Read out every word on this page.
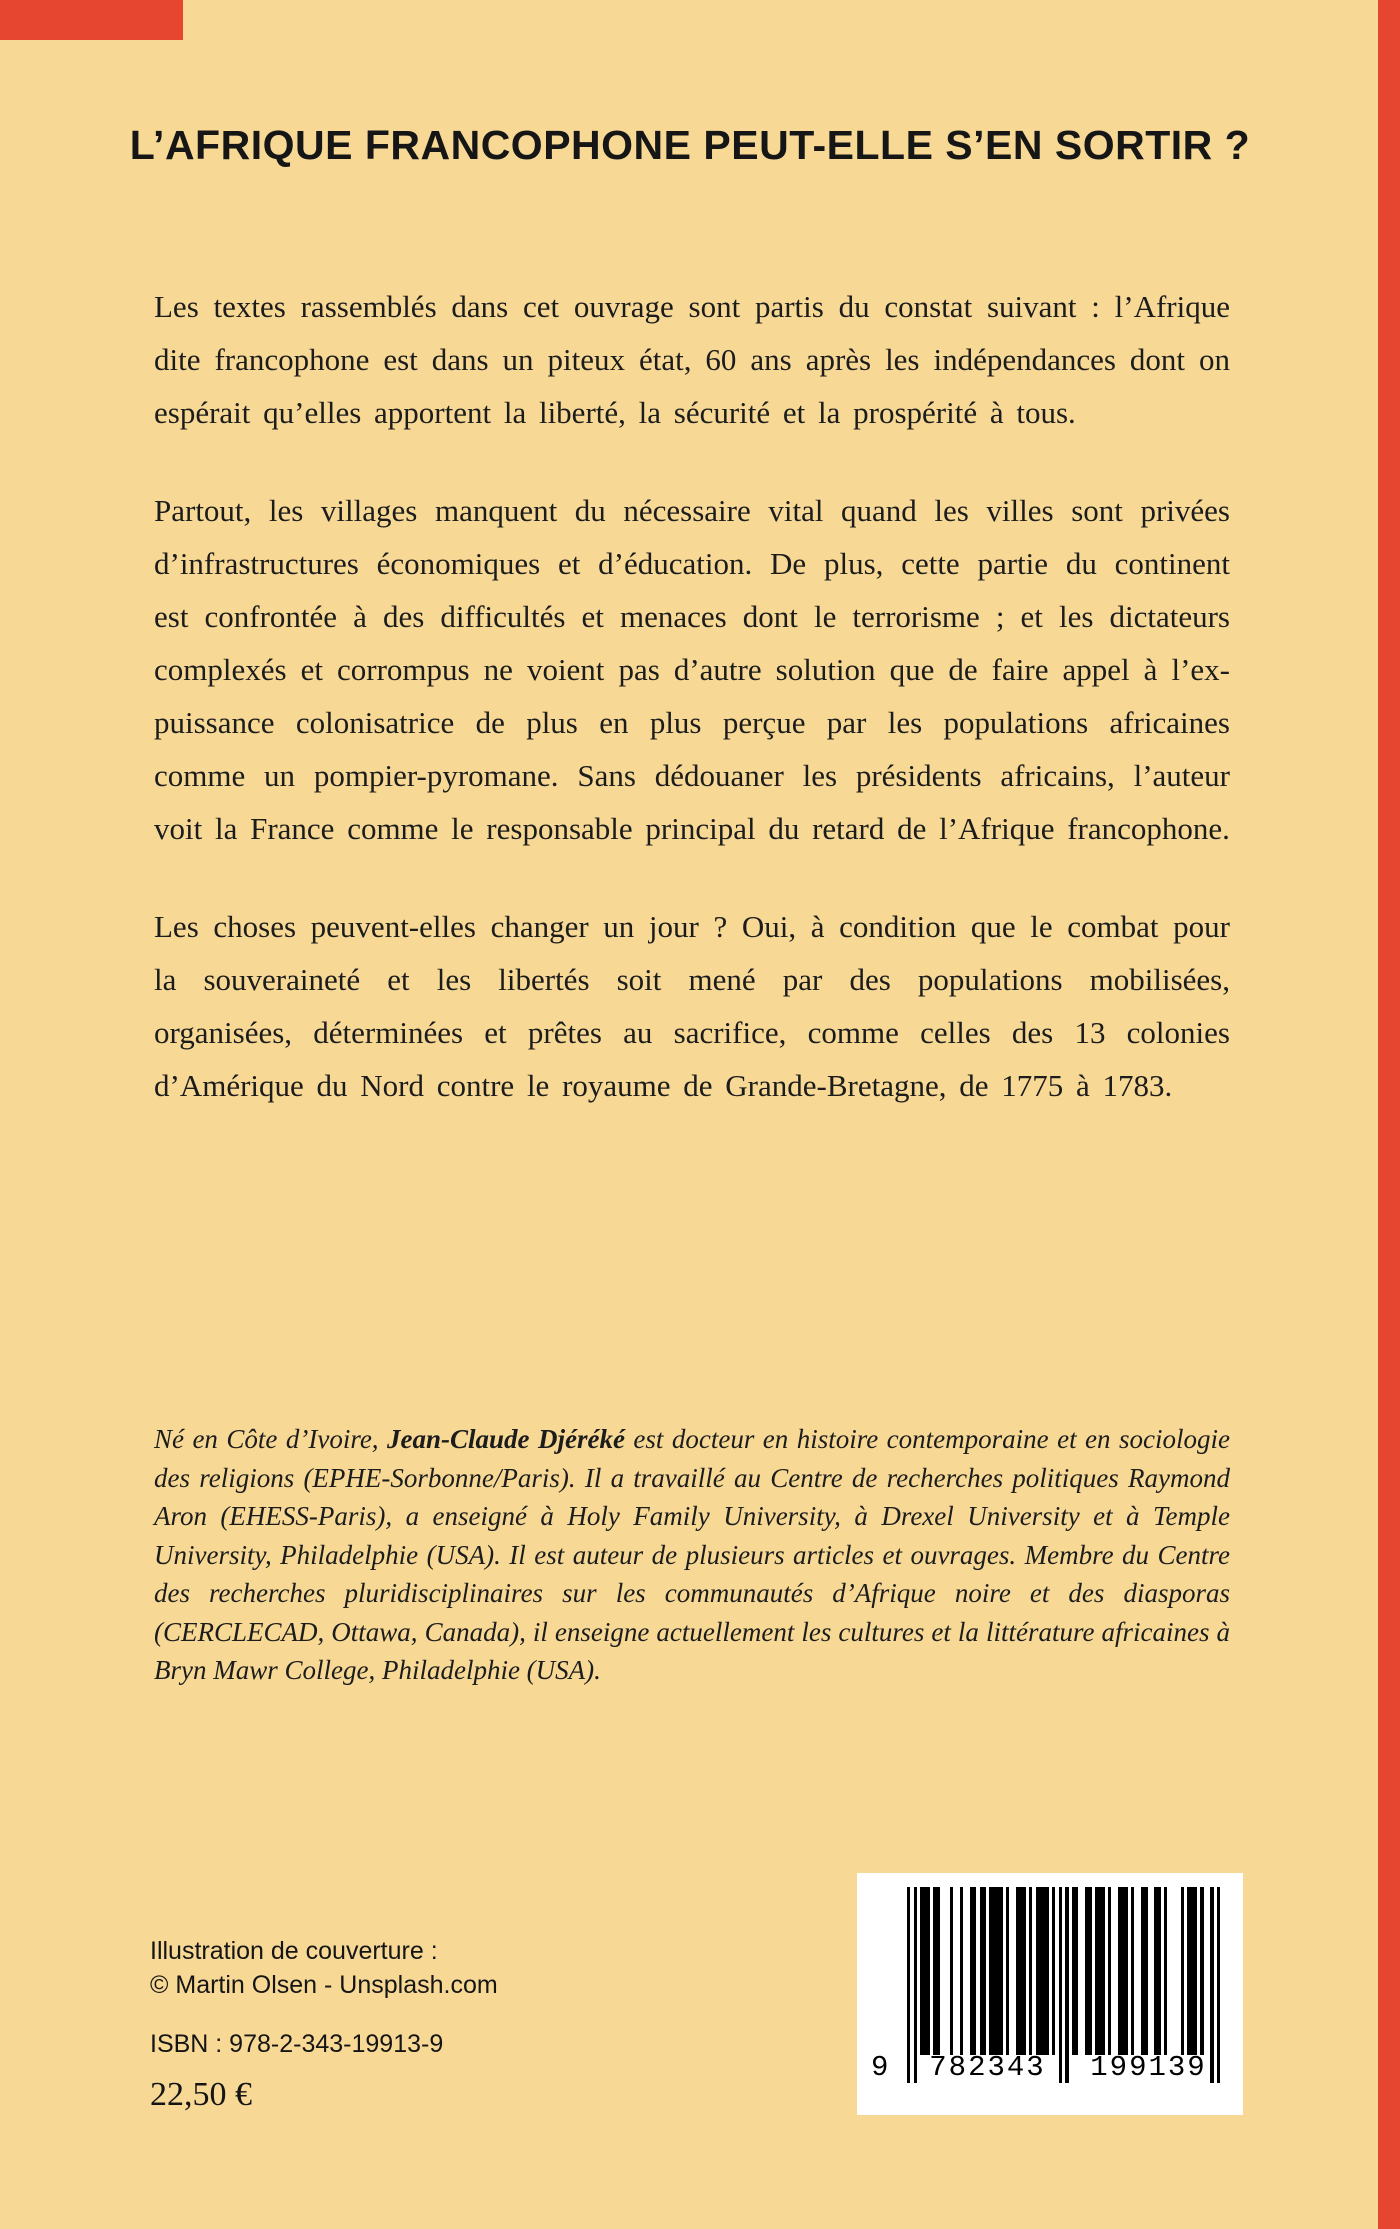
L’AFRIQUE FRANCOPHONE PEUT-ELLE S’EN SORTIR ?

Les textes rassemblés dans cet ouvrage sont partis du constat suivant : l’Afrique dite francophone est dans un piteux état, 60 ans après les indépendances dont on espérait qu’elles apportent la liberté, la sécurité et la prospérité à tous.

Partout, les villages manquent du nécessaire vital quand les villes sont privées d’infrastructures économiques et d’éducation. De plus, cette partie du continent est confrontée à des difficultés et menaces dont le terrorisme ; et les dictateurs complexés et corrompus ne voient pas d’autre solution que de faire appel à l’ex-puissance colonisatrice de plus en plus perçue par les populations africaines comme un pompier-pyromane. Sans dédouaner les présidents africains, l’auteur voit la France comme le responsable principal du retard de l’Afrique francophone.

Les choses peuvent-elles changer un jour ? Oui, à condition que le combat pour la souveraineté et les libertés soit mené par des populations mobilisées, organisées, déterminées et prêtes au sacrifice, comme celles des 13 colonies d’Amérique du Nord contre le royaume de Grande-Bretagne, de 1775 à 1783.

Né en Côte d’Ivoire, Jean-Claude Djéréké est docteur en histoire contemporaine et en sociologie des religions (EPHE-Sorbonne/Paris). Il a travaillé au Centre de recherches politiques Raymond Aron (EHESS-Paris), a enseigné à Holy Family University, à Drexel University et à Temple University, Philadelphie (USA). Il est auteur de plusieurs articles et ouvrages. Membre du Centre des recherches pluridisciplinaires sur les communautés d’Afrique noire et des diasporas (CERCLECAD, Ottawa, Canada), il enseigne actuellement les cultures et la littérature africaines à Bryn Mawr College, Philadelphie (USA).

Illustration de couverture :
© Martin Olsen - Unsplash.com
ISBN : 978-2-343-19913-9
22,50 €
9	782343	199139
